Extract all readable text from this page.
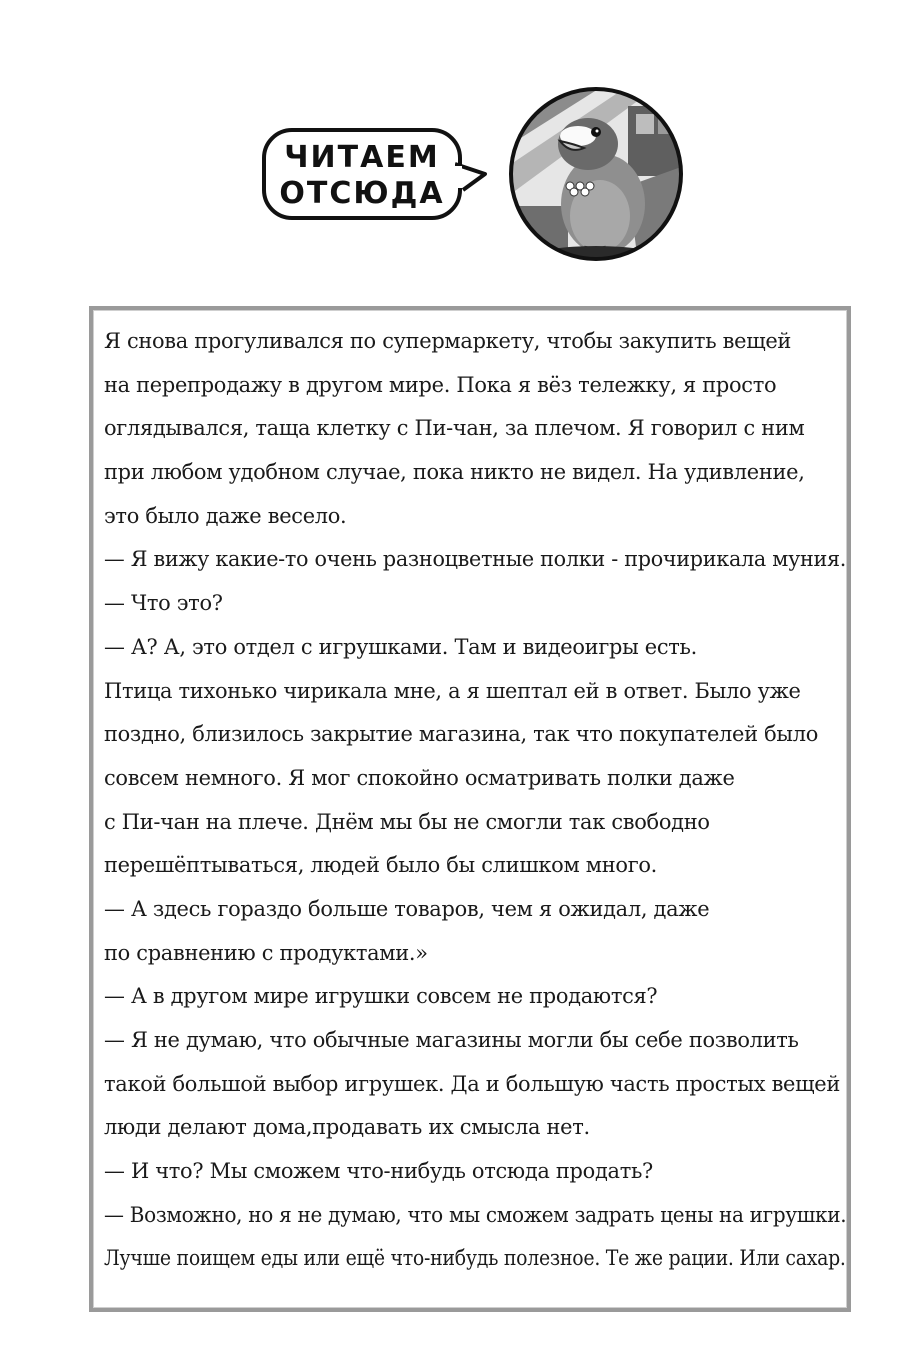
ЧИТАЕМ
ОТСЮДА
Я снова прогуливался по супермаркету, чтобы закупить вещей
на перепродажу в другом мире. Пока я вёз тележку, я просто
оглядывался, таща клетку с Пи-чан, за плечом. Я говорил с ним
при любом удобном случае, пока никто не видел. На удивление,
это было даже весело.
— Я вижу какие-то очень разноцветные полки - прочирикала муния.
— Что это?
— А? А, это отдел с игрушками. Там и видеоигры есть.
Птица тихонько чирикала мне, а я шептал ей в ответ. Было уже
поздно, близилось закрытие магазина, так что покупателей было
совсем немного. Я мог спокойно осматривать полки даже
с Пи-чан на плече. Днём мы бы не смогли так свободно
перешёптываться, людей было бы слишком много.
— А здесь гораздо больше товаров, чем я ожидал, даже
по сравнению с продуктами.»
— А в другом мире игрушки совсем не продаются?
— Я не думаю, что обычные магазины могли бы себе позволить
такой большой выбор игрушек. Да и большую часть простых вещей
люди делают дома,продавать их смысла нет.
— И что? Мы сможем что-нибудь отсюда продать?
— Возможно, но я не думаю, что мы сможем задрать цены на игрушки.
Лучше поищем еды или ещё что-нибудь полезное. Те же рации. Или сахар.
